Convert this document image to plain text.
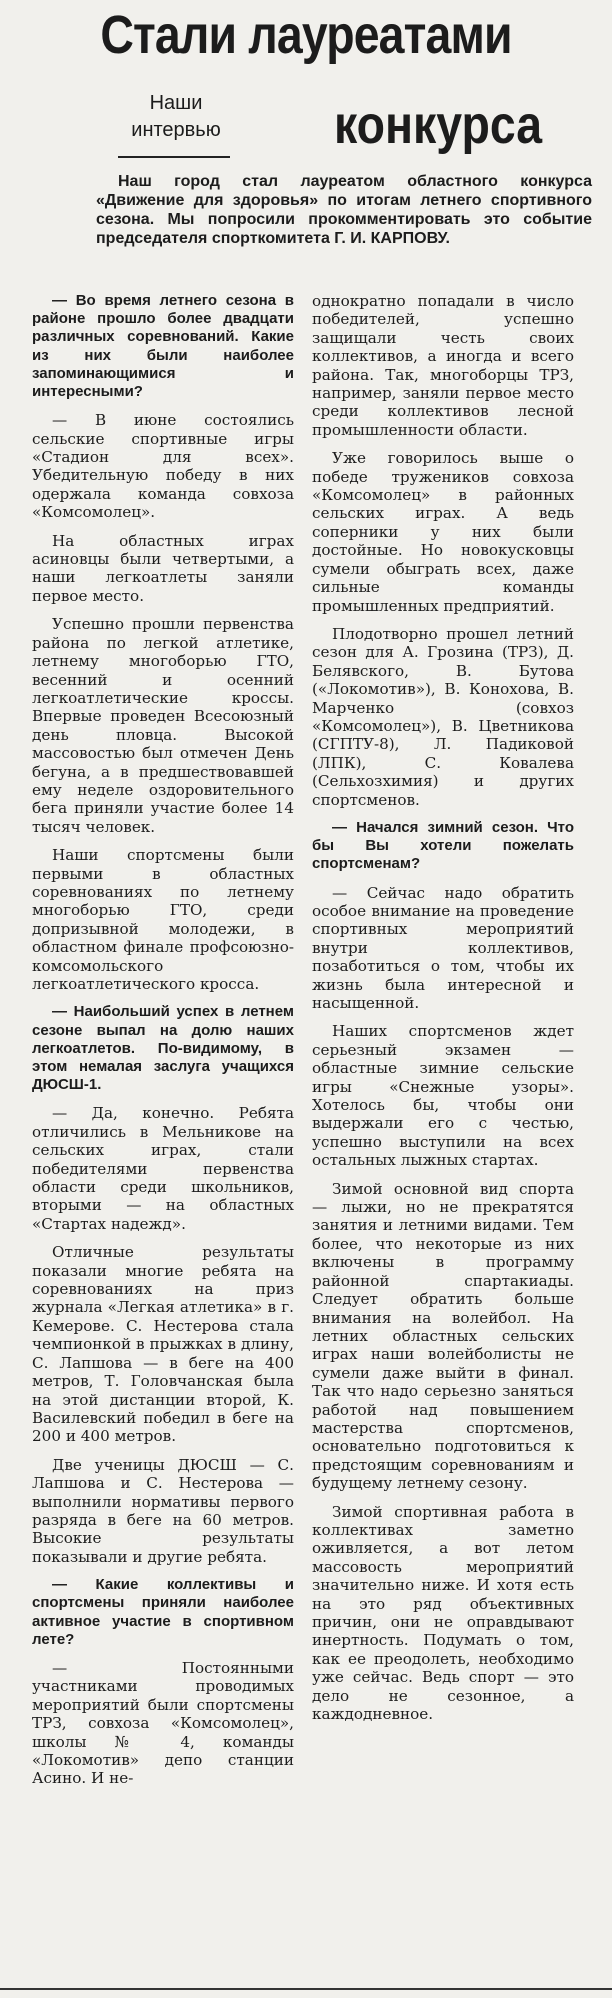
Стали лауреатами
Наши
интервью конкурса

Наш город стал лауреатом областного конкурса «Движение для здоровья» по итогам летнего спортивного сезона. Мы попросили прокомментировать это событие председателя спорткомитета Г. И. КАРПОВУ.

— Во время летнего сезона в районе прошло более двадцати различных соревнований. Какие из них были наиболее запоминающимися и интересными?

— В июне состоялись сельские спортивные игры «Стадион для всех». Убедительную победу в них одержала команда совхоза «Комсомолец».

На областных играх асиновцы были четвертыми, а наши легкоатлеты заняли первое место.

Успешно прошли первенства района по легкой атлетике, летнему многоборью ГТО, весенний и осенний легкоатлетические кроссы. Впервые проведен Всесоюзный день пловца. Высокой массовостью был отмечен День бегуна, а в предшествовавшей ему неделе оздоровительного бега приняли участие более 14 тысяч человек.

Наши спортсмены были первыми в областных соревнованиях по летнему многоборью ГТО, среди допризывной молодежи, в областном финале профсоюзно-комсомольского легкоатлетического кросса.

— Наибольший успех в летнем сезоне выпал на долю наших легкоатлетов. По-видимому, в этом немалая заслуга учащихся ДЮСШ-1.

— Да, конечно. Ребята отличились в Мельникове на сельских играх, стали победителями первенства области среди школьников, вторыми — на областных «Стартах надежд».

Отличные результаты показали многие ребята на соревнованиях на приз журнала «Легкая атлетика» в г. Кемерове. С. Нестерова стала чемпионкой в прыжках в длину, С. Лапшова — в беге на 400 метров, Т. Головчанская была на этой дистанции второй, К. Василевский победил в беге на 200 и 400 метров.

Две ученицы ДЮСШ — С. Лапшова и С. Нестерова — выполнили нормативы первого разряда в беге на 60 метров. Высокие результаты показывали и другие ребята.

— Какие коллективы и спортсмены приняли наиболее активное участие в спортивном лете?

— Постоянными участниками проводимых мероприятий были спортсмены ТРЗ, совхоза «Комсомолец», школы № 4, команды «Локомотив» депо станции Асино. И не-

однократно попадали в число победителей, успешно защищали честь своих коллективов, а иногда и всего района. Так, многоборцы ТРЗ, например, заняли первое место среди коллективов лесной промышленности области.

Уже говорилось выше о победе тружеников совхоза «Комсомолец» в районных сельских играх. А ведь соперники у них были достойные. Но новокусковцы сумели обыграть всех, даже сильные команды промышленных предприятий.

Плодотворно прошел летний сезон для А. Грозина (ТРЗ), Д. Белявского, В. Бутова («Локомотив»), В. Конохова, В. Марченко (совхоз «Комсомолец»), В. Цветникова (СГПТУ-8), Л. Падиковой (ЛПК), С. Ковалева (Сельхозхимия) и других спортсменов.

— Начался зимний сезон. Что бы Вы хотели пожелать спортсменам?

— Сейчас надо обратить особое внимание на проведение спортивных мероприятий внутри коллективов, позаботиться о том, чтобы их жизнь была интересной и насыщенной.

Наших спортсменов ждет серьезный экзамен — областные зимние сельские игры «Снежные узоры». Хотелось бы, чтобы они выдержали его с честью, успешно выступили на всех остальных лыжных стартах.

Зимой основной вид спорта — лыжи, но не прекратятся занятия и летними видами. Тем более, что некоторые из них включены в программу районной спартакиады. Следует обратить больше внимания на волейбол. На летних областных сельских играх наши волейболисты не сумели даже выйти в финал. Так что надо серьезно заняться работой над повышением мастерства спортсменов, основательно подготовиться к предстоящим соревнованиям и будущему летнему сезону.

Зимой спортивная работа в коллективах заметно оживляется, а вот летом массовость мероприятий значительно ниже. И хотя есть на это ряд объективных причин, они не оправдывают инертность. Подумать о том, как ее преодолеть, необходимо уже сейчас. Ведь спорт — это дело не сезонное, а каждодневное.
